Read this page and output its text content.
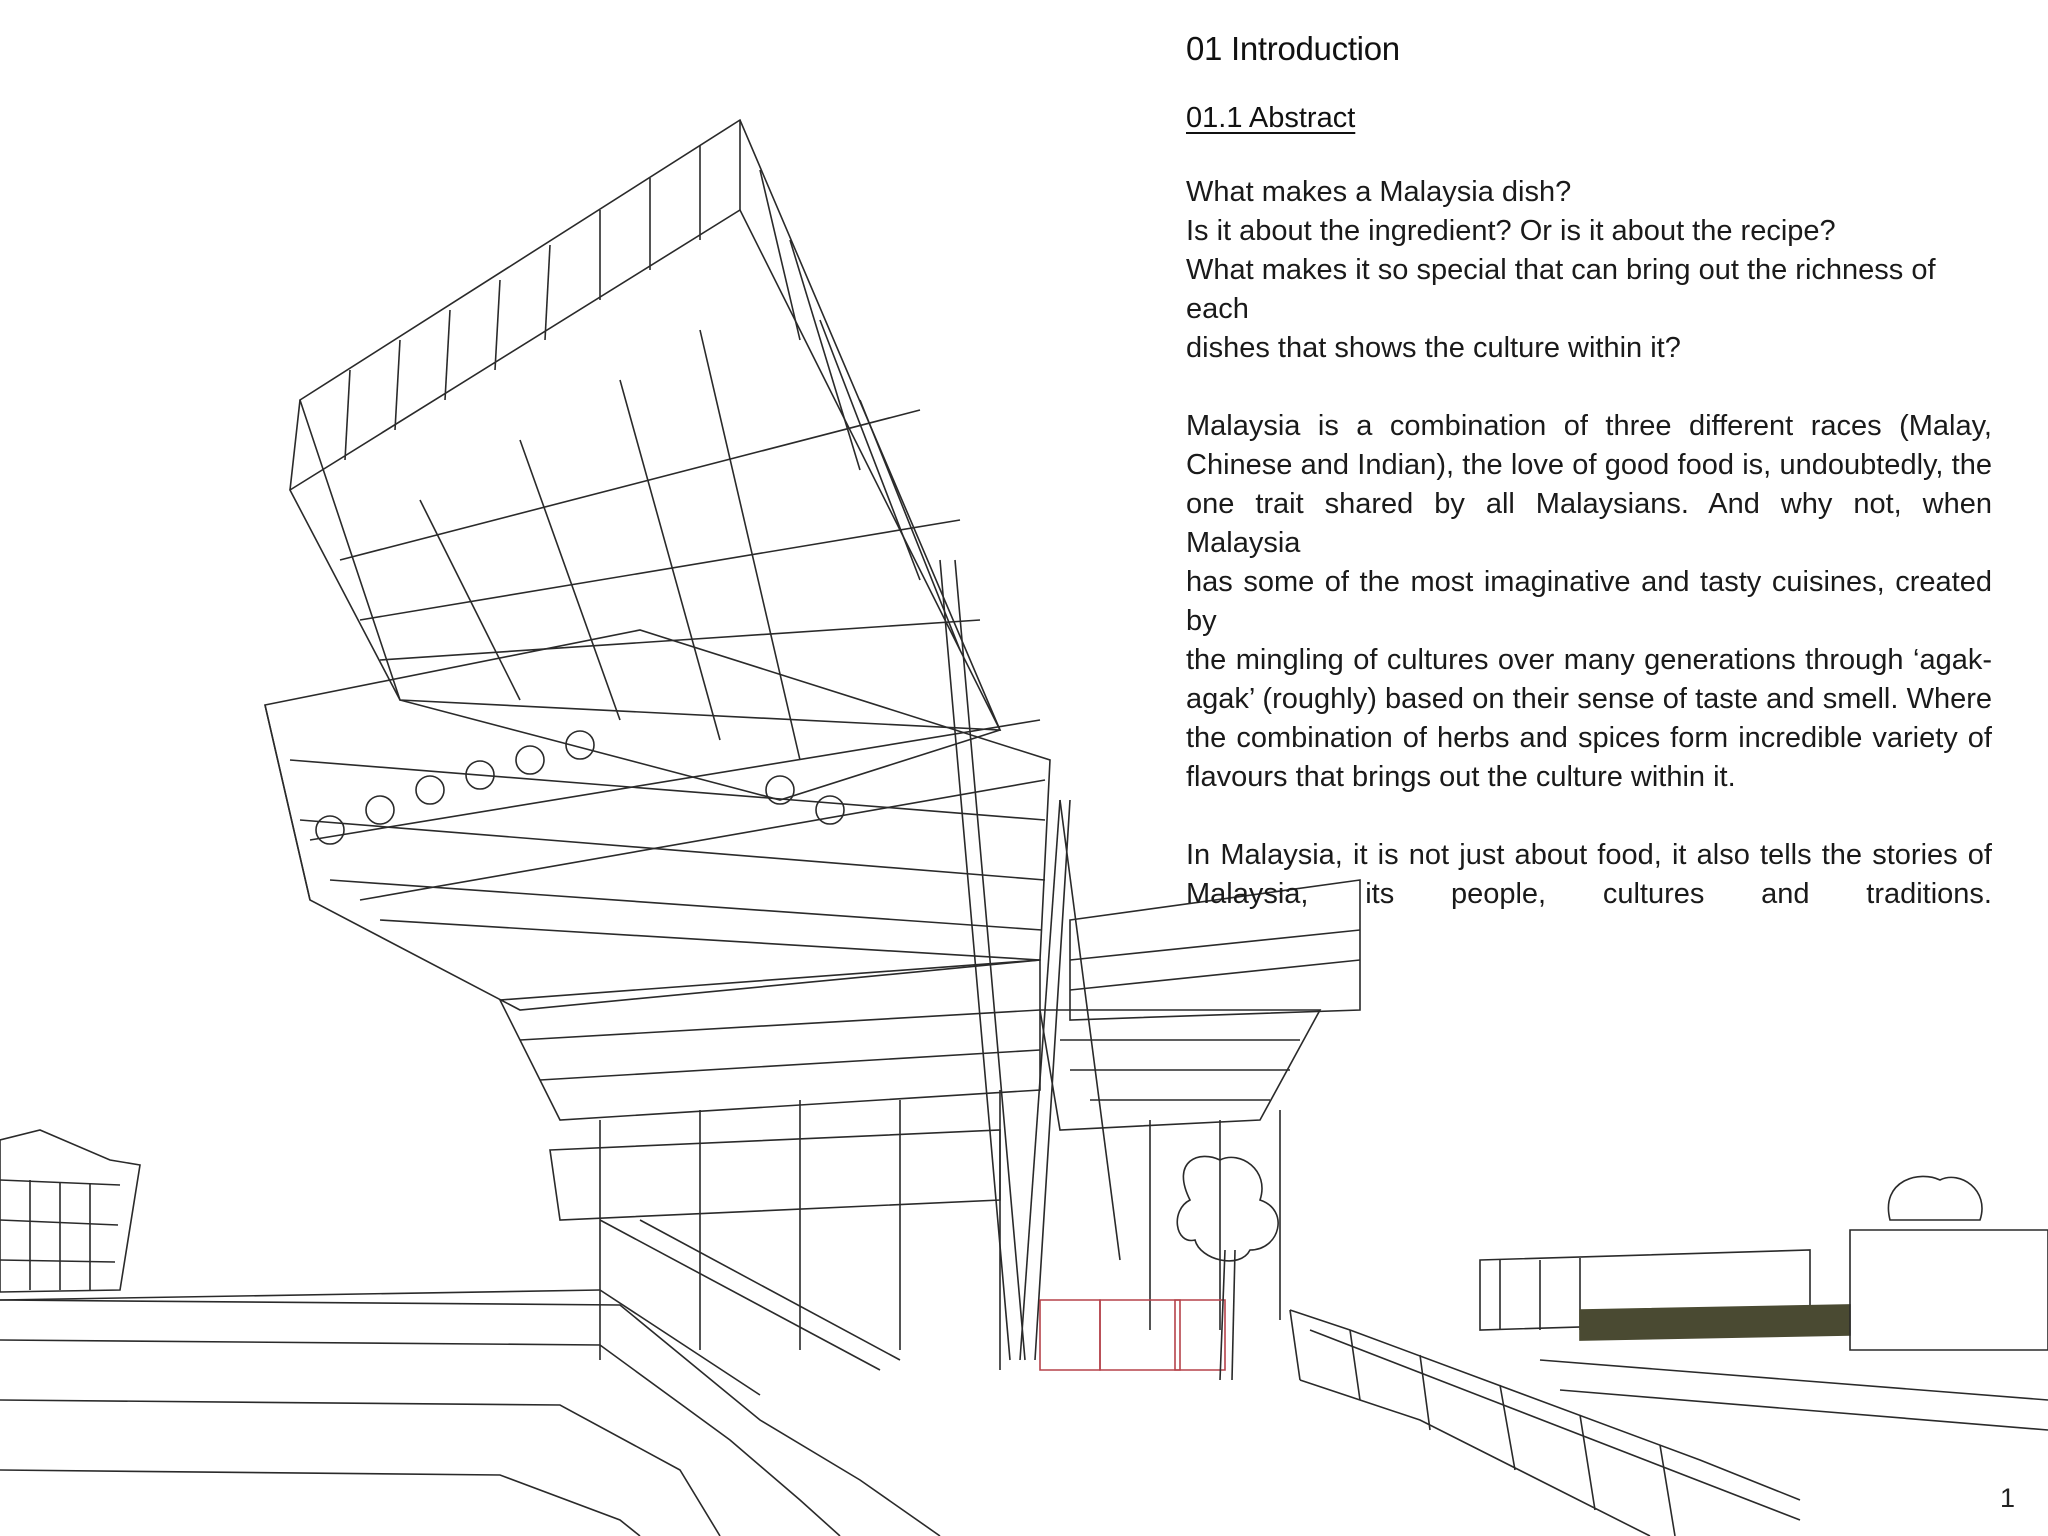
01 Introduction
01.1 Abstract

What makes a Malaysia dish?

Is it about the ingredient? Or is it about the recipe?

What makes it so special that can bring out the richness of each

dishes that shows the culture within it?

Malaysia is a combination of three different races (Malay,

Chinese and Indian), the love of good food is, undoubtedly, the

one trait shared by all Malaysians. And why not, when Malaysia

has some of the most imaginative and tasty cuisines, created by

the mingling of cultures over many generations through ‘agak-

agak’ (roughly) based on their sense of taste and smell. Where

the combination of herbs and spices form incredible variety of

flavours that brings out the culture within it.

In Malaysia, it is not just about food, it also tells the stories of

Malaysia, its people, cultures and traditions.

1
